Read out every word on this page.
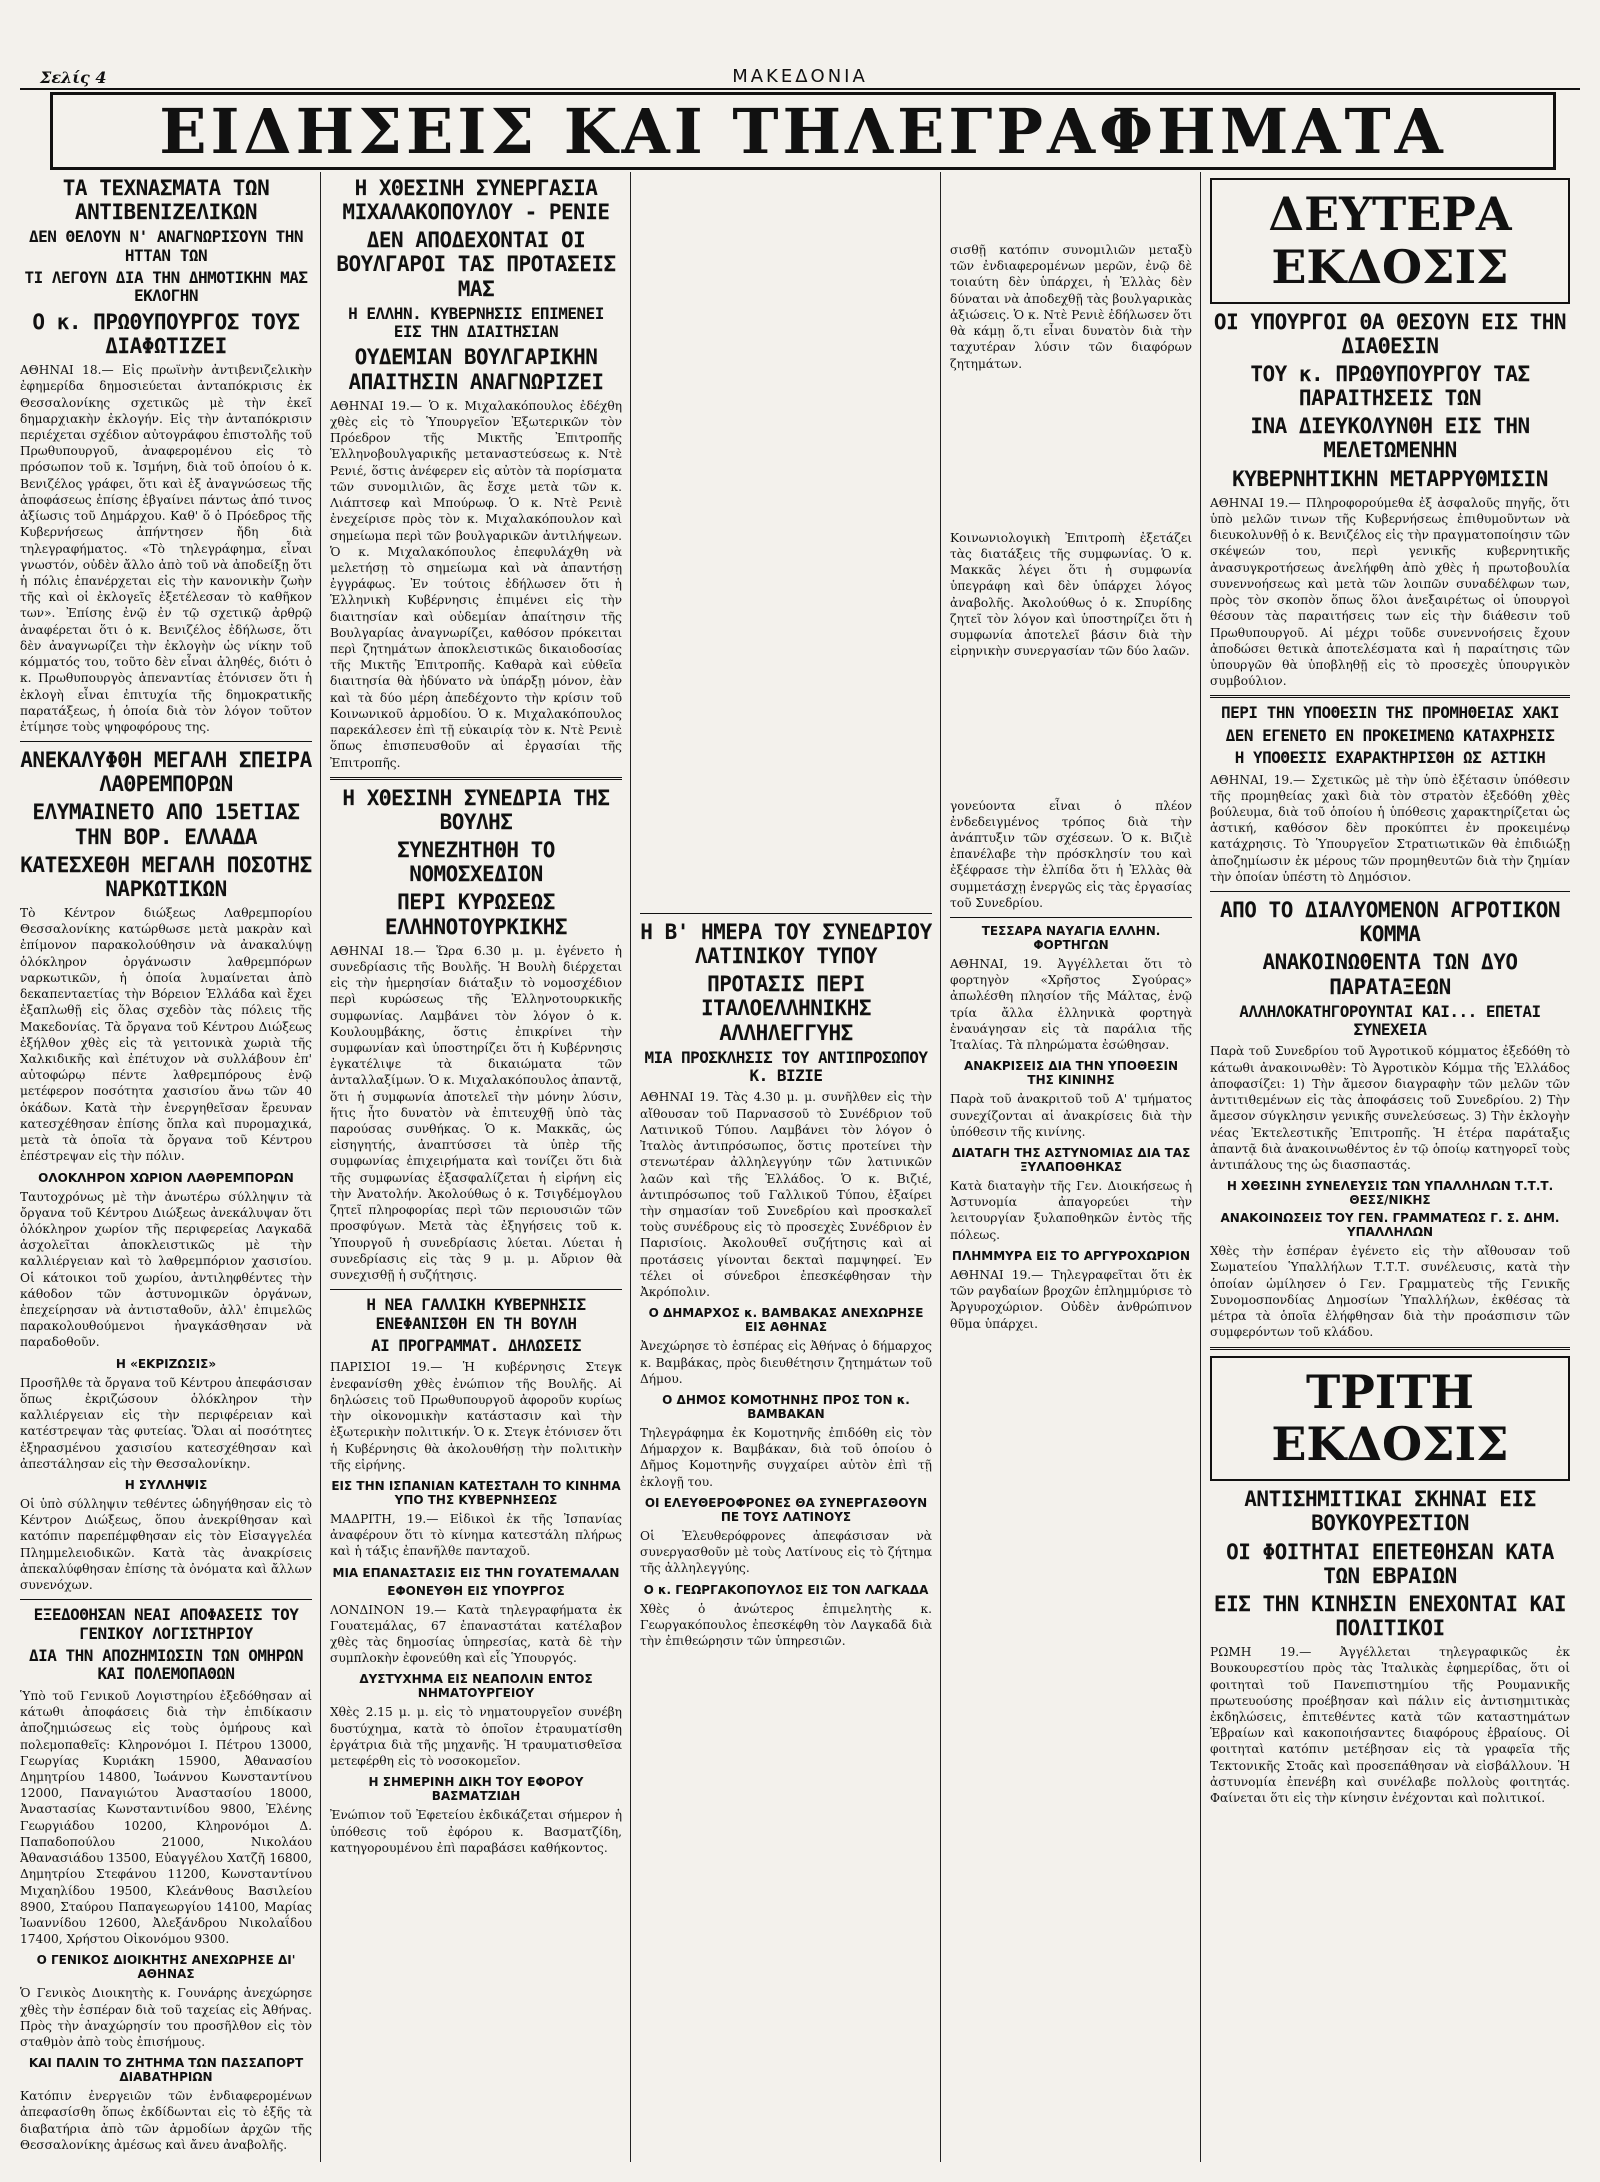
Σελίς 4	ΜΑΚΕΔΟΝΙΑ
ΕΙΔΗΣΕΙΣ ΚΑΙ ΤΗΛΕΓΡΑΦΗΜΑΤΑ
ΤΑ ΤΕΧΝΑΣΜΑΤΑ ΤΩΝ ΑΝΤΙΒΕΝΙΖΕΛΙΚΩΝ
ΔΕΝ ΘΕΛΟΥΝ Ν' ΑΝΑΓΝΩΡΙΣΟΥΝ ΤΗΝ ΗΤΤΑΝ ΤΩΝ
ΤΙ ΛΕΓΟΥΝ ΔΙΑ ΤΗΝ ΔΗΜΟΤΙΚΗΝ ΜΑΣ ΕΚΛΟΓΗΝ
Ο κ. ΠΡΩΘΥΠΟΥΡΓΟΣ ΤΟΥΣ ΔΙΑΦΩΤΙΖΕΙ
ΑΘΗΝΑΙ 18.— Εἰς πρωϊνὴν ἀντιβενιζελικὴν ἐφημερίδα δημοσιεύεται ἀνταπόκρισις ἐκ Θεσσαλονίκης σχετικῶς μὲ τὴν ἐκεῖ δημαρχιακὴν ἐκλογήν. Εἰς τὴν ἀνταπόκρισιν περιέχεται σχέδιον αὐτογράφου ἐπιστολῆς τοῦ Πρωθυπουργοῦ, ἀναφερομένου εἰς τὸ πρόσωπον τοῦ κ. Ἰσμήνη, διὰ τοῦ ὁποίου ὁ κ. Βενιζέλος γράφει, ὅτι καὶ ἐξ ἀναγνώσεως τῆς ἀποφάσεως ἐπίσης ἐβγαίνει πάντως ἀπό τινος ἀξίωσις τοῦ Δημάρχου. Καθ' ὅ ὁ Πρόεδρος τῆς Κυβερνήσεως ἀπήντησεν ἤδη διὰ τηλεγραφήματος. «Τὸ τηλεγράφημα, εἶναι γνωστόν, οὐδὲν ἄλλο ἀπὸ τοῦ νὰ ἀποδείξῃ ὅτι ἡ πόλις ἐπανέρχεται εἰς τὴν κανονικὴν ζωὴν τῆς καὶ οἱ ἐκλογεῖς ἐξετέλεσαν τὸ καθῆκον των». Ἐπίσης ἐνῷ ἐν τῷ σχετικῷ ἀρθρῷ ἀναφέρεται ὅτι ὁ κ. Βενιζέλος ἐδήλωσε, ὅτι δὲν ἀναγνωρίζει τὴν ἐκλογὴν ὡς νίκην τοῦ κόμματός του, τοῦτο δὲν εἶναι ἀληθές, διότι ὁ κ. Πρωθυπουργὸς ἀπεναντίας ἐτόνισεν ὅτι ἡ ἐκλογὴ εἶναι ἐπιτυχία τῆς δημοκρατικῆς παρατάξεως, ἡ ὁποία διὰ τὸν λόγον τοῦτον ἐτίμησε τοὺς ψηφοφόρους της.
ΑΝΕΚΑΛΥΦΘΗ ΜΕΓΑΛΗ ΣΠΕΙΡΑ ΛΑΘΡΕΜΠΟΡΩΝ
ΕΛΥΜΑΙΝΕΤΟ ΑΠΟ 15ΕΤΙΑΣ ΤΗΝ ΒΟΡ. ΕΛΛΑΔΑ
ΚΑΤΕΣΧΕΘΗ ΜΕΓΑΛΗ ΠΟΣΟΤΗΣ ΝΑΡΚΩΤΙΚΩΝ
Τὸ Κέντρον διώξεως Λαθρεμπορίου Θεσσαλονίκης κατώρθωσε μετὰ μακρὰν καὶ ἐπίμονον παρακολούθησιν νὰ ἀνακαλύψῃ ὁλόκληρον ὀργάνωσιν λαθρεμπόρων ναρκωτικῶν, ἡ ὁποία λυμαίνεται ἀπὸ δεκαπενταετίας τὴν Βόρειον Ἑλλάδα καὶ ἔχει ἐξαπλωθῇ εἰς ὅλας σχεδὸν τὰς πόλεις τῆς Μακεδονίας. Τὰ ὄργανα τοῦ Κέντρου Διώξεως ἐξήλθον χθὲς εἰς τὰ γειτονικὰ χωριὰ τῆς Χαλκιδικῆς καὶ ἐπέτυχον νὰ συλλάβουν ἐπ' αὐτοφώρῳ πέντε λαθρεμπόρους ἐνῷ μετέφερον ποσότητα χασισίου ἄνω τῶν 40 ὀκάδων. Κατὰ τὴν ἐνεργηθεῖσαν ἔρευναν κατεσχέθησαν ἐπίσης ὅπλα καὶ πυρομαχικά, μετὰ τὰ ὁποῖα τὰ ὄργανα τοῦ Κέντρου ἐπέστρεψαν εἰς τὴν πόλιν.
ΟΛΟΚΛΗΡΟΝ ΧΩΡΙΟΝ ΛΑΘΡΕΜΠΟΡΩΝ
Ταυτοχρόνως μὲ τὴν ἀνωτέρω σύλληψιν τὰ ὄργανα τοῦ Κέντρου Διώξεως ἀνεκάλυψαν ὅτι ὁλόκληρον χωρίον τῆς περιφερείας Λαγκαδᾶ ἀσχολεῖται ἀποκλειστικῶς μὲ τὴν καλλιέργειαν καὶ τὸ λαθρεμπόριον χασισίου. Οἱ κάτοικοι τοῦ χωρίου, ἀντιληφθέντες τὴν κάθοδον τῶν ἀστυνομικῶν ὀργάνων, ἐπεχείρησαν νὰ ἀντισταθοῦν, ἀλλ' ἐπιμελῶς παρακολουθούμενοι ἠναγκάσθησαν νὰ παραδοθοῦν.
Η «ΕΚΡΙΖΩΣΙΣ»
Προσῆλθε τὰ ὄργανα τοῦ Κέντρου ἀπεφάσισαν ὅπως ἐκριζώσουν ὁλόκληρον τὴν καλλιέργειαν εἰς τὴν περιφέρειαν καὶ κατέστρεψαν τὰς φυτείας. Ὅλαι αἱ ποσότητες ἐξηρασμένου χασισίου κατεσχέθησαν καὶ ἀπεστάλησαν εἰς τὴν Θεσσαλονίκην.
Η ΣΥΛΛΗΨΙΣ
Οἱ ὑπὸ σύλληψιν τεθέντες ὡδηγήθησαν εἰς τὸ Κέντρον Διώξεως, ὅπου ἀνεκρίθησαν καὶ κατόπιν παρεπέμφθησαν εἰς τὸν Εἰσαγγελέα Πλημμελειοδικῶν. Κατὰ τὰς ἀνακρίσεις ἀπεκαλύφθησαν ἐπίσης τὰ ὀνόματα καὶ ἄλλων συνενόχων.
ΕΞΕΔΟΘΗΣΑΝ ΝΕΑΙ ΑΠΟΦΑΣΕΙΣ ΤΟΥ ΓΕΝΙΚΟΥ ΛΟΓΙΣΤΗΡΙΟΥ
ΔΙΑ ΤΗΝ ΑΠΟΖΗΜΙΩΣΙΝ ΤΩΝ ΟΜΗΡΩΝ ΚΑΙ ΠΟΛΕΜΟΠΑΘΩΝ
Ὑπὸ τοῦ Γενικοῦ Λογιστηρίου ἐξεδόθησαν αἱ κάτωθι ἀποφάσεις διὰ τὴν ἐπιδίκασιν ἀποζημιώσεως εἰς τοὺς ὁμήρους καὶ πολεμοπαθεῖς: Κληρονόμοι Ι. Πέτρου 13000, Γεωργίας Κυριάκη 15900, Ἀθανασίου Δημητρίου 14800, Ἰωάννου Κωνσταντίνου 12000, Παναγιώτου Ἀναστασίου 18000, Ἀναστασίας Κωνσταντινίδου 9800, Ἐλένης Γεωργιάδου 10200, Κληρονόμοι Δ. Παπαδοπούλου 21000, Νικολάου Ἀθανασιάδου 13500, Εὐαγγέλου Χατζῆ 16800, Δημητρίου Στεφάνου 11200, Κωνσταντίνου Μιχαηλίδου 19500, Κλεάνθους Βασιλείου 8900, Σταύρου Παπαγεωργίου 14100, Μαρίας Ἰωαννίδου 12600, Ἀλεξάνδρου Νικολαΐδου 17400, Χρήστου Οἰκονόμου 9300.
Ο ΓΕΝΙΚΟΣ ΔΙΟΙΚΗΤΗΣ ΑΝΕΧΩΡΗΣΕ ΔΙ' ΑΘΗΝΑΣ
Ὁ Γενικὸς Διοικητὴς κ. Γουνάρης ἀνεχώρησε χθὲς τὴν ἑσπέραν διὰ τοῦ ταχείας εἰς Ἀθήνας. Πρὸς τὴν ἀναχώρησίν του προσῆλθον εἰς τὸν σταθμὸν ἀπὸ τοὺς ἐπισήμους.
ΚΑΙ ΠΑΛΙΝ ΤΟ ΖΗΤΗΜΑ ΤΩΝ ΠΑΣΣΑΠΟΡΤ ΔΙΑΒΑΤΗΡΙΩΝ
Κατόπιν ἐνεργειῶν τῶν ἐνδιαφερομένων ἀπεφασίσθη ὅπως ἐκδίδωνται εἰς τὸ ἑξῆς τὰ διαβατήρια ἀπὸ τῶν ἀρμοδίων ἀρχῶν τῆς Θεσσαλονίκης ἀμέσως καὶ ἄνευ ἀναβολῆς.
Η ΧΘΕΣΙΝΗ ΣΥΝΕΡΓΑΣΙΑ ΜΙΧΑΛΑΚΟΠΟΥΛΟΥ - ΡΕΝΙΕ
ΔΕΝ ΑΠΟΔΕΧΟΝΤΑΙ ΟΙ ΒΟΥΛΓΑΡΟΙ ΤΑΣ ΠΡΟΤΑΣΕΙΣ ΜΑΣ
Η ΕΛΛΗΝ. ΚΥΒΕΡΝΗΣΙΣ ΕΠΙΜΕΝΕΙ ΕΙΣ ΤΗΝ ΔΙΑΙΤΗΣΙΑΝ
ΟΥΔΕΜΙΑΝ ΒΟΥΛΓΑΡΙΚΗΝ ΑΠΑΙΤΗΣΙΝ ΑΝΑΓΝΩΡΙΖΕΙ
ΑΘΗΝΑΙ 19.— Ὁ κ. Μιχαλακόπουλος ἐδέχθη χθὲς εἰς τὸ Ὑπουργεῖον Ἐξωτερικῶν τὸν Πρόεδρον τῆς Μικτῆς Ἐπιτροπῆς Ἑλληνοβουλγαρικῆς μεταναστεύσεως κ. Ντὲ Ρενιέ, ὅστις ἀνέφερεν εἰς αὐτὸν τὰ πορίσματα τῶν συνομιλιῶν, ἃς ἔσχε μετὰ τῶν κ. Λιάπτσεφ καὶ Μπούρωφ. Ὁ κ. Ντὲ Ρενιὲ ἐνεχείρισε πρὸς τὸν κ. Μιχαλακόπουλον καὶ σημείωμα περὶ τῶν βουλγαρικῶν ἀντιλήψεων. Ὁ κ. Μιχαλακόπουλος ἐπεφυλάχθη νὰ μελετήσῃ τὸ σημείωμα καὶ νὰ ἀπαντήσῃ ἐγγράφως. Ἐν τούτοις ἐδήλωσεν ὅτι ἡ Ἑλληνικὴ Κυβέρνησις ἐπιμένει εἰς τὴν διαιτησίαν καὶ οὐδεμίαν ἀπαίτησιν τῆς Βουλγαρίας ἀναγνωρίζει, καθόσον πρόκειται περὶ ζητημάτων ἀποκλειστικῶς δικαιοδοσίας τῆς Μικτῆς Ἐπιτροπῆς. Καθαρὰ καὶ εὐθεῖα διαιτησία θὰ ἠδύνατο νὰ ὑπάρξῃ μόνον, ἐὰν καὶ τὰ δύο μέρη ἀπεδέχοντο τὴν κρίσιν τοῦ Κοινωνικοῦ ἀρμοδίου. Ὁ κ. Μιχαλακόπουλος παρεκάλεσεν ἐπὶ τῇ εὐκαιρίᾳ τὸν κ. Ντὲ Ρενιὲ ὅπως ἐπισπευσθοῦν αἱ ἐργασίαι τῆς Ἐπιτροπῆς.
Η ΧΘΕΣΙΝΗ ΣΥΝΕΔΡΙΑ ΤΗΣ ΒΟΥΛΗΣ
ΣΥΝΕΖΗΤΗΘΗ ΤΟ ΝΟΜΟΣΧΕΔΙΟΝ
ΠΕΡΙ ΚΥΡΩΣΕΩΣ ΕΛΛΗΝΟΤΟΥΡΚΙΚΗΣ
ΑΘΗΝΑΙ 18.— Ὥρα 6.30 μ. μ. ἐγένετο ἡ συνεδρίασις τῆς Βουλῆς. Ἡ Βουλὴ διέρχεται εἰς τὴν ἡμερησίαν διάταξιν τὸ νομοσχέδιον περὶ κυρώσεως τῆς Ἑλληνοτουρκικῆς συμφωνίας. Λαμβάνει τὸν λόγον ὁ κ. Κουλουμβάκης, ὅστις ἐπικρίνει τὴν συμφωνίαν καὶ ὑποστηρίζει ὅτι ἡ Κυβέρνησις ἐγκατέλιψε τὰ δικαιώματα τῶν ἀνταλλαξίμων. Ὁ κ. Μιχαλακόπουλος ἀπαντᾷ, ὅτι ἡ συμφωνία ἀποτελεῖ τὴν μόνην λύσιν, ἥτις ἦτο δυνατὸν νὰ ἐπιτευχθῇ ὑπὸ τὰς παρούσας συνθήκας. Ὁ κ. Μακκᾶς, ὡς εἰσηγητής, ἀναπτύσσει τὰ ὑπὲρ τῆς συμφωνίας ἐπιχειρήματα καὶ τονίζει ὅτι διὰ τῆς συμφωνίας ἐξασφαλίζεται ἡ εἰρήνη εἰς τὴν Ἀνατολήν. Ἀκολούθως ὁ κ. Τσιγδέμογλου ζητεῖ πληροφορίας περὶ τῶν περιουσιῶν τῶν προσφύγων. Μετὰ τὰς ἐξηγήσεις τοῦ κ. Ὑπουργοῦ ἡ συνεδρίασις λύεται. Λύεται ἡ συνεδρίασις εἰς τὰς 9 μ. μ. Αὔριον θὰ συνεχισθῇ ἡ συζήτησις.
Η ΝΕΑ ΓΑΛΛΙΚΗ ΚΥΒΕΡΝΗΣΙΣ ΕΝΕΦΑΝΙΣΘΗ ΕΝ ΤΗ ΒΟΥΛΗ
ΑΙ ΠΡΟΓΡΑΜΜΑΤ. ΔΗΛΩΣΕΙΣ
ΠΑΡΙΣΙΟΙ 19.— Ἡ κυβέρνησις Στεγκ ἐνεφανίσθη χθὲς ἐνώπιον τῆς Βουλῆς. Αἱ δηλώσεις τοῦ Πρωθυπουργοῦ ἀφοροῦν κυρίως τὴν οἰκονομικὴν κατάστασιν καὶ τὴν ἐξωτερικὴν πολιτικήν. Ὁ κ. Στεγκ ἐτόνισεν ὅτι ἡ Κυβέρνησις θὰ ἀκολουθήσῃ τὴν πολιτικὴν τῆς εἰρήνης.
ΕΙΣ ΤΗΝ ΙΣΠΑΝΙΑΝ ΚΑΤΕΣΤΑΛΗ ΤΟ ΚΙΝΗΜΑ ΥΠΟ ΤΗΣ ΚΥΒΕΡΝΗΣΕΩΣ
ΜΑΔΡΙΤΗ, 19.— Εἰδικοὶ ἐκ τῆς Ἰσπανίας ἀναφέρουν ὅτι τὸ κίνημα κατεστάλη πλήρως καὶ ἡ τάξις ἐπανῆλθε πανταχοῦ.
ΜΙΑ ΕΠΑΝΑΣΤΑΣΙΣ ΕΙΣ ΤΗΝ ΓΟΥΑΤΕΜΑΛΑΝ
ΕΦΟΝΕΥΘΗ ΕΙΣ ΥΠΟΥΡΓΟΣ
ΛΟΝΔΙΝΟΝ 19.— Κατὰ τηλεγραφήματα ἐκ Γουατεμάλας, 67 ἐπαναστάται κατέλαβον χθὲς τὰς δημοσίας ὑπηρεσίας, κατὰ δὲ τὴν συμπλοκὴν ἐφονεύθη καὶ εἷς Ὑπουργός.
ΔΥΣΤΥΧΗΜΑ ΕΙΣ ΝΕΑΠΟΛΙΝ ΕΝΤΟΣ ΝΗΜΑΤΟΥΡΓΕΙΟΥ
Χθὲς 2.15 μ. μ. εἰς τὸ νηματουργεῖον συνέβη δυστύχημα, κατὰ τὸ ὁποῖον ἐτραυματίσθη ἐργάτρια διὰ τῆς μηχανῆς. Ἡ τραυματισθεῖσα μετεφέρθη εἰς τὸ νοσοκομεῖον.
Η ΣΗΜΕΡΙΝΗ ΔΙΚΗ ΤΟΥ ΕΦΟΡΟΥ ΒΑΣΜΑΤΖΙΔΗ
Ἐνώπιον τοῦ Ἐφετείου ἐκδικάζεται σήμερον ἡ ὑπόθεσις τοῦ ἐφόρου κ. Βασματζίδη, κατηγορουμένου ἐπὶ παραβάσει καθήκοντος.
Η Β' ΗΜΕΡΑ ΤΟΥ ΣΥΝΕΔΡΙΟΥ ΛΑΤΙΝΙΚΟΥ ΤΥΠΟΥ
ΠΡΟΤΑΣΙΣ ΠΕΡΙ ΙΤΑΛΟΕΛΛΗΝΙΚΗΣ ΑΛΛΗΛΕΓΓΥΗΣ
ΜΙΑ ΠΡΟΣΚΛΗΣΙΣ ΤΟΥ ΑΝΤΙΠΡΟΣΩΠΟΥ Κ. ΒΙΖΙΕ
ΑΘΗΝΑΙ 19. Τὰς 4.30 μ. μ. συνῆλθεν εἰς τὴν αἴθουσαν τοῦ Παρνασσοῦ τὸ Συνέδριον τοῦ Λατινικοῦ Τύπου. Λαμβάνει τὸν λόγον ὁ Ἰταλὸς ἀντιπρόσωπος, ὅστις προτείνει τὴν στενωτέραν ἀλληλεγγύην τῶν λατινικῶν λαῶν καὶ τῆς Ἑλλάδος. Ὁ κ. Βιζιέ, ἀντιπρόσωπος τοῦ Γαλλικοῦ Τύπου, ἐξαίρει τὴν σημασίαν τοῦ Συνεδρίου καὶ προσκαλεῖ τοὺς συνέδρους εἰς τὸ προσεχὲς Συνέδριον ἐν Παρισίοις. Ἀκολουθεῖ συζήτησις καὶ αἱ προτάσεις γίνονται δεκταὶ παμψηφεί. Ἐν τέλει οἱ σύνεδροι ἐπεσκέφθησαν τὴν Ἀκρόπολιν.
Ο ΔΗΜΑΡΧΟΣ κ. ΒΑΜΒΑΚΑΣ ΑΝΕΧΩΡΗΣΕ ΕΙΣ ΑΘΗΝΑΣ
Ἀνεχώρησε τὸ ἑσπέρας εἰς Ἀθήνας ὁ δήμαρχος κ. Βαμβάκας, πρὸς διευθέτησιν ζητημάτων τοῦ Δήμου.
Ο ΔΗΜΟΣ ΚΟΜΟΤΗΝΗΣ ΠΡΟΣ ΤΟΝ κ. ΒΑΜΒΑΚΑΝ
Τηλεγράφημα ἐκ Κομοτηνῆς ἐπιδόθη εἰς τὸν Δήμαρχον κ. Βαμβάκαν, διὰ τοῦ ὁποίου ὁ Δῆμος Κομοτηνῆς συγχαίρει αὐτὸν ἐπὶ τῇ ἐκλογῇ του.
ΟΙ ΕΛΕΥΘΕΡΟΦΡΟΝΕΣ ΘΑ ΣΥΝΕΡΓΑΣΘΟΥΝ ΠΕ ΤΟΥΣ ΛΑΤΙΝΟΥΣ
Οἱ Ἐλευθερόφρονες ἀπεφάσισαν νὰ συνεργασθοῦν μὲ τοὺς Λατίνους εἰς τὸ ζήτημα τῆς ἀλληλεγγύης.
Ο κ. ΓΕΩΡΓΑΚΟΠΟΥΛΟΣ ΕΙΣ ΤΟΝ ΛΑΓΚΑΔΑ
Χθὲς ὁ ἀνώτερος ἐπιμελητὴς κ. Γεωργακόπουλος ἐπεσκέφθη τὸν Λαγκαδᾶ διὰ τὴν ἐπιθεώρησιν τῶν ὑπηρεσιῶν.
σισθῇ κατόπιν συνομιλιῶν μεταξὺ τῶν ἐνδιαφερομένων μερῶν, ἐνῷ δὲ τοιαύτη δὲν ὑπάρχει, ἡ Ἑλλὰς δὲν δύναται νὰ ἀποδεχθῇ τὰς βουλγαρικὰς ἀξιώσεις. Ὁ κ. Ντὲ Ρενιὲ ἐδήλωσεν ὅτι θὰ κάμῃ ὅ,τι εἶναι δυνατὸν διὰ τὴν ταχυτέραν λύσιν τῶν διαφόρων ζητημάτων.
Κοινωνιολογικὴ Ἐπιτροπὴ ἐξετάζει τὰς διατάξεις τῆς συμφωνίας. Ὁ κ. Μακκᾶς λέγει ὅτι ἡ συμφωνία ὑπεγράφη καὶ δὲν ὑπάρχει λόγος ἀναβολῆς. Ἀκολούθως ὁ κ. Σπυρίδης ζητεῖ τὸν λόγον καὶ ὑποστηρίζει ὅτι ἡ συμφωνία ἀποτελεῖ βάσιν διὰ τὴν εἰρηνικὴν συνεργασίαν τῶν δύο λαῶν.
γονεύοντα εἶναι ὁ πλέον ἐνδεδειγμένος τρόπος διὰ τὴν ἀνάπτυξιν τῶν σχέσεων. Ὁ κ. Βιζιὲ ἐπανέλαβε τὴν πρόσκλησίν του καὶ ἐξέφρασε τὴν ἐλπίδα ὅτι ἡ Ἑλλὰς θὰ συμμετάσχῃ ἐνεργῶς εἰς τὰς ἐργασίας τοῦ Συνεδρίου.
ΤΕΣΣΑΡΑ ΝΑΥΑΓΙΑ ΕΛΛΗΝ. ΦΟΡΤΗΓΩΝ
ΑΘΗΝΑΙ, 19. Ἀγγέλλεται ὅτι τὸ φορτηγὸν «Χρῆστος Σγούρας» ἀπωλέσθη πλησίον τῆς Μάλτας, ἐνῷ τρία ἄλλα ἑλληνικὰ φορτηγὰ ἐναυάγησαν εἰς τὰ παράλια τῆς Ἰταλίας. Τὰ πληρώματα ἐσώθησαν.
ΑΝΑΚΡΙΣΕΙΣ ΔΙΑ ΤΗΝ ΥΠΟΘΕΣΙΝ ΤΗΣ ΚΙΝΙΝΗΣ
Παρὰ τοῦ ἀνακριτοῦ τοῦ Α' τμήματος συνεχίζονται αἱ ἀνακρίσεις διὰ τὴν ὑπόθεσιν τῆς κινίνης.
ΔΙΑΤΑΓΗ ΤΗΣ ΑΣΤΥΝΟΜΙΑΣ ΔΙΑ ΤΑΣ ΞΥΛΑΠΟΘΗΚΑΣ
Κατὰ διαταγὴν τῆς Γεν. Διοικήσεως ἡ Ἀστυνομία ἀπαγορεύει τὴν λειτουργίαν ξυλαποθηκῶν ἐντὸς τῆς πόλεως.
ΠΛΗΜΜΥΡΑ ΕΙΣ ΤΟ ΑΡΓΥΡΟΧΩΡΙΟΝ
ΑΘΗΝΑΙ 19.— Τηλεγραφεῖται ὅτι ἐκ τῶν ραγδαίων βροχῶν ἐπλημμύρισε τὸ Ἀργυροχώριον. Οὐδὲν ἀνθρώπινον θῦμα ὑπάρχει.
ΔΕΥΤΕΡΑ ΕΚΔΟΣΙΣ
ΟΙ ΥΠΟΥΡΓΟΙ ΘΑ ΘΕΣΟΥΝ ΕΙΣ ΤΗΝ ΔΙΑΘΕΣΙΝ
ΤΟΥ κ. ΠΡΩΘΥΠΟΥΡΓΟΥ ΤΑΣ ΠΑΡΑΙΤΗΣΕΙΣ ΤΩΝ
ΙΝΑ ΔΙΕΥΚΟΛΥΝΘΗ ΕΙΣ ΤΗΝ ΜΕΛΕΤΩΜΕΝΗΝ
ΚΥΒΕΡΝΗΤΙΚΗΝ ΜΕΤΑΡΡΥΘΜΙΣΙΝ
ΑΘΗΝΑΙ 19.— Πληροφορούμεθα ἐξ ἀσφαλοῦς πηγῆς, ὅτι ὑπὸ μελῶν τινων τῆς Κυβερνήσεως ἐπιθυμοῦντων νὰ διευκολυνθῇ ὁ κ. Βενιζέλος εἰς τὴν πραγματοποίησιν τῶν σκέψεών του, περὶ γενικῆς κυβερνητικῆς ἀνασυγκροτήσεως ἀνελήφθη ἀπὸ χθὲς ἡ πρωτοβουλία συνεννοήσεως καὶ μετὰ τῶν λοιπῶν συναδέλφων των, πρὸς τὸν σκοπὸν ὅπως ὅλοι ἀνεξαιρέτως οἱ ὑπουργοὶ θέσουν τὰς παραιτήσεις των εἰς τὴν διάθεσιν τοῦ Πρωθυπουργοῦ. Αἱ μέχρι τοῦδε συνεννοήσεις ἔχουν ἀποδώσει θετικὰ ἀποτελέσματα καὶ ἡ παραίτησις τῶν ὑπουργῶν θὰ ὑποβληθῇ εἰς τὸ προσεχὲς ὑπουργικὸν συμβούλιον.
ΠΕΡΙ ΤΗΝ ΥΠΟΘΕΣΙΝ ΤΗΣ ΠΡΟΜΗΘΕΙΑΣ ΧΑΚΙ
ΔΕΝ ΕΓΕΝΕΤΟ ΕΝ ΠΡΟΚΕΙΜΕΝΩ ΚΑΤΑΧΡΗΣΙΣ
Η ΥΠΟΘΕΣΙΣ ΕΧΑΡΑΚΤΗΡΙΣΘΗ ΩΣ ΑΣΤΙΚΗ
ΑΘΗΝΑΙ, 19.— Σχετικῶς μὲ τὴν ὑπὸ ἐξέτασιν ὑπόθεσιν τῆς προμηθείας χακὶ διὰ τὸν στρατὸν ἐξεδόθη χθὲς βούλευμα, διὰ τοῦ ὁποίου ἡ ὑπόθεσις χαρακτηρίζεται ὡς ἀστική, καθόσον δὲν προκύπτει ἐν προκειμένῳ κατάχρησις. Τὸ Ὑπουργεῖον Στρατιωτικῶν θὰ ἐπιδιώξῃ ἀποζημίωσιν ἐκ μέρους τῶν προμηθευτῶν διὰ τὴν ζημίαν τὴν ὁποίαν ὑπέστη τὸ Δημόσιον.
ΑΠΟ ΤΟ ΔΙΑΛΥΟΜΕΝΟΝ ΑΓΡΟΤΙΚΟΝ ΚΟΜΜΑ
ΑΝΑΚΟΙΝΩΘΕΝΤΑ ΤΩΝ ΔΥΟ ΠΑΡΑΤΑΞΕΩΝ
ΑΛΛΗΛΟΚΑΤΗΓΟΡΟΥΝΤΑΙ ΚΑΙ... ΕΠΕΤΑΙ ΣΥΝΕΧΕΙΑ
Παρὰ τοῦ Συνεδρίου τοῦ Ἀγροτικοῦ κόμματος ἐξεδόθη τὸ κάτωθι ἀνακοινωθὲν: Τὸ Ἀγροτικὸν Κόμμα τῆς Ἑλλάδος ἀποφασίζει: 1) Τὴν ἄμεσον διαγραφὴν τῶν μελῶν τῶν ἀντιτιθεμένων εἰς τὰς ἀποφάσεις τοῦ Συνεδρίου. 2) Τὴν ἄμεσον σύγκλησιν γενικῆς συνελεύσεως. 3) Τὴν ἐκλογὴν νέας Ἐκτελεστικῆς Ἐπιτροπῆς. Ἡ ἑτέρα παράταξις ἀπαντᾷ διὰ ἀνακοινωθέντος ἐν τῷ ὁποίῳ κατηγορεῖ τοὺς ἀντιπάλους της ὡς διασπαστάς.
Η ΧΘΕΣΙΝΗ ΣΥΝΕΛΕΥΣΙΣ ΤΩΝ ΥΠΑΛΛΗΛΩΝ Τ.Τ.Τ. ΘΕΣΣ/ΝΙΚΗΣ
ΑΝΑΚΟΙΝΩΣΕΙΣ ΤΟΥ ΓΕΝ. ΓΡΑΜΜΑΤΕΩΣ Γ. Σ. ΔΗΜ. ΥΠΑΛΛΗΛΩΝ
Χθὲς τὴν ἑσπέραν ἐγένετο εἰς τὴν αἴθουσαν τοῦ Σωματείου Ὑπαλλήλων Τ.Τ.Τ. συνέλευσις, κατὰ τὴν ὁποίαν ὡμίλησεν ὁ Γεν. Γραμματεὺς τῆς Γενικῆς Συνομοσπονδίας Δημοσίων Ὑπαλλήλων, ἐκθέσας τὰ μέτρα τὰ ὁποῖα ἐλήφθησαν διὰ τὴν προάσπισιν τῶν συμφερόντων τοῦ κλάδου.
ΤΡΙΤΗ ΕΚΔΟΣΙΣ
ΑΝΤΙΣΗΜΙΤΙΚΑΙ ΣΚΗΝΑΙ ΕΙΣ ΒΟΥΚΟΥΡΕΣΤΙΟΝ
ΟΙ ΦΟΙΤΗΤΑΙ ΕΠΕΤΕΘΗΣΑΝ ΚΑΤΑ ΤΩΝ ΕΒΡΑΙΩΝ
ΕΙΣ ΤΗΝ ΚΙΝΗΣΙΝ ΕΝΕΧΟΝΤΑΙ ΚΑΙ ΠΟΛΙΤΙΚΟΙ
ΡΩΜΗ 19.— Ἀγγέλλεται τηλεγραφικῶς ἐκ Βουκουρεστίου πρὸς τὰς Ἰταλικὰς ἐφημερίδας, ὅτι οἱ φοιτηταὶ τοῦ Πανεπιστημίου τῆς Ρουμανικῆς πρωτευούσης προέβησαν καὶ πάλιν εἰς ἀντισημιτικὰς ἐκδηλώσεις, ἐπιτεθέντες κατὰ τῶν καταστημάτων Ἑβραίων καὶ κακοποιήσαντες διαφόρους ἑβραίους. Οἱ φοιτηταὶ κατόπιν μετέβησαν εἰς τὰ γραφεῖα τῆς Τεκτονικῆς Στοᾶς καὶ προσεπάθησαν νὰ εἰσβάλλουν. Ἡ ἀστυνομία ἐπενέβη καὶ συνέλαβε πολλοὺς φοιτητάς. Φαίνεται ὅτι εἰς τὴν κίνησιν ἐνέχονται καὶ πολιτικοί.
